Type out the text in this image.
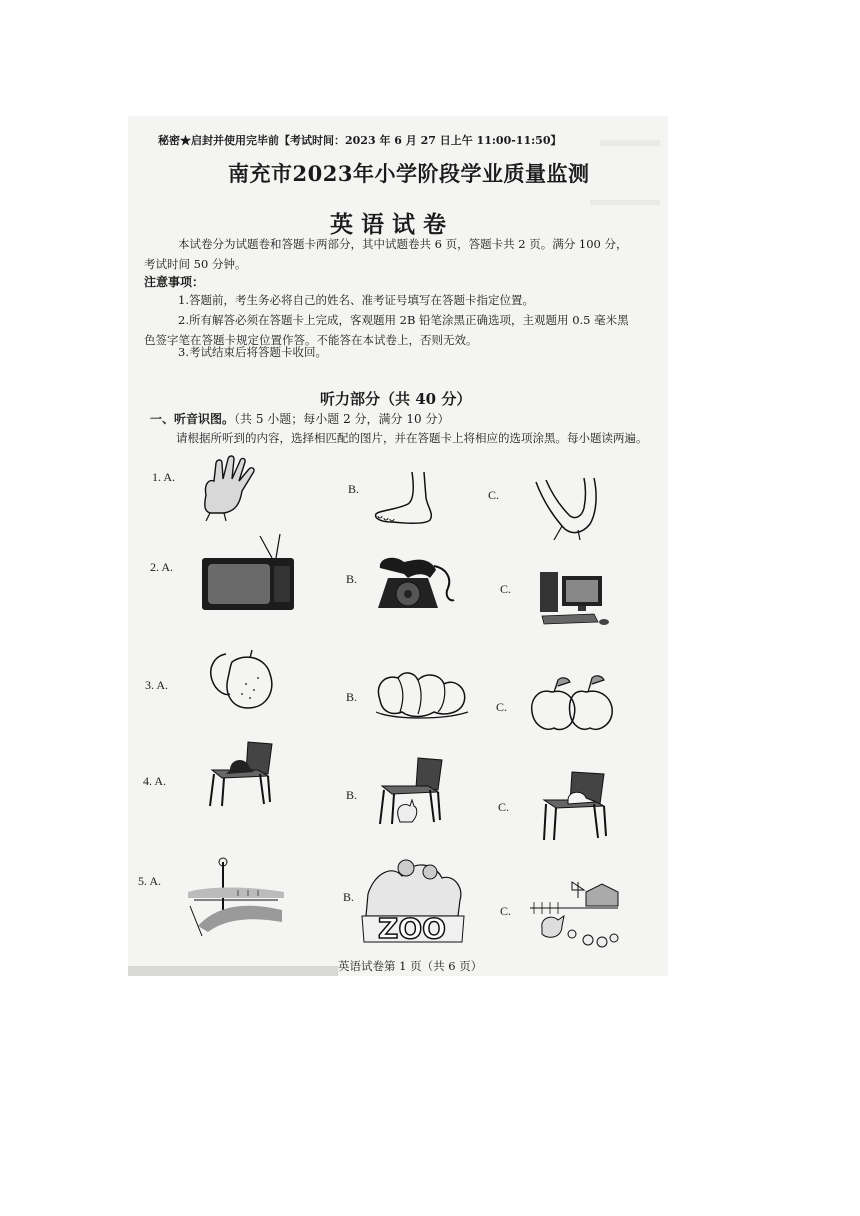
秘密★启封并使用完毕前【考试时间：2023 年 6 月 27 日上午 11:00-11:50】
南充市2023年小学阶段学业质量监测
英语试卷
本试卷分为试题卷和答题卡两部分，其中试题卷共 6 页，答题卡共 2 页。满分 100 分，
考试时间 50 分钟。
注意事项：
1.答题前，考生务必将自己的姓名、准考证号填写在答题卡指定位置。
2.所有解答必须在答题卡上完成，客观题用 2B 铅笔涂黑正确选项，主观题用 0.5 毫米黑
色签字笔在答题卡规定位置作答。不能答在本试卷上，否则无效。
3.考试结束后将答题卡收回。
听力部分（共 40 分）
一、听音识图。（共 5 小题；每小题 2 分，满分 10 分）
请根据所听到的内容，选择相匹配的图片，并在答题卡上将相应的选项涂黑。每小题读两遍。
1. A.
B.	C.
2. A.
B.
C.
3. A.
B.
C.
4. A.
B.
C.
5. A.
B.
C.
ZOO
英语试卷第 1 页（共 6 页）
